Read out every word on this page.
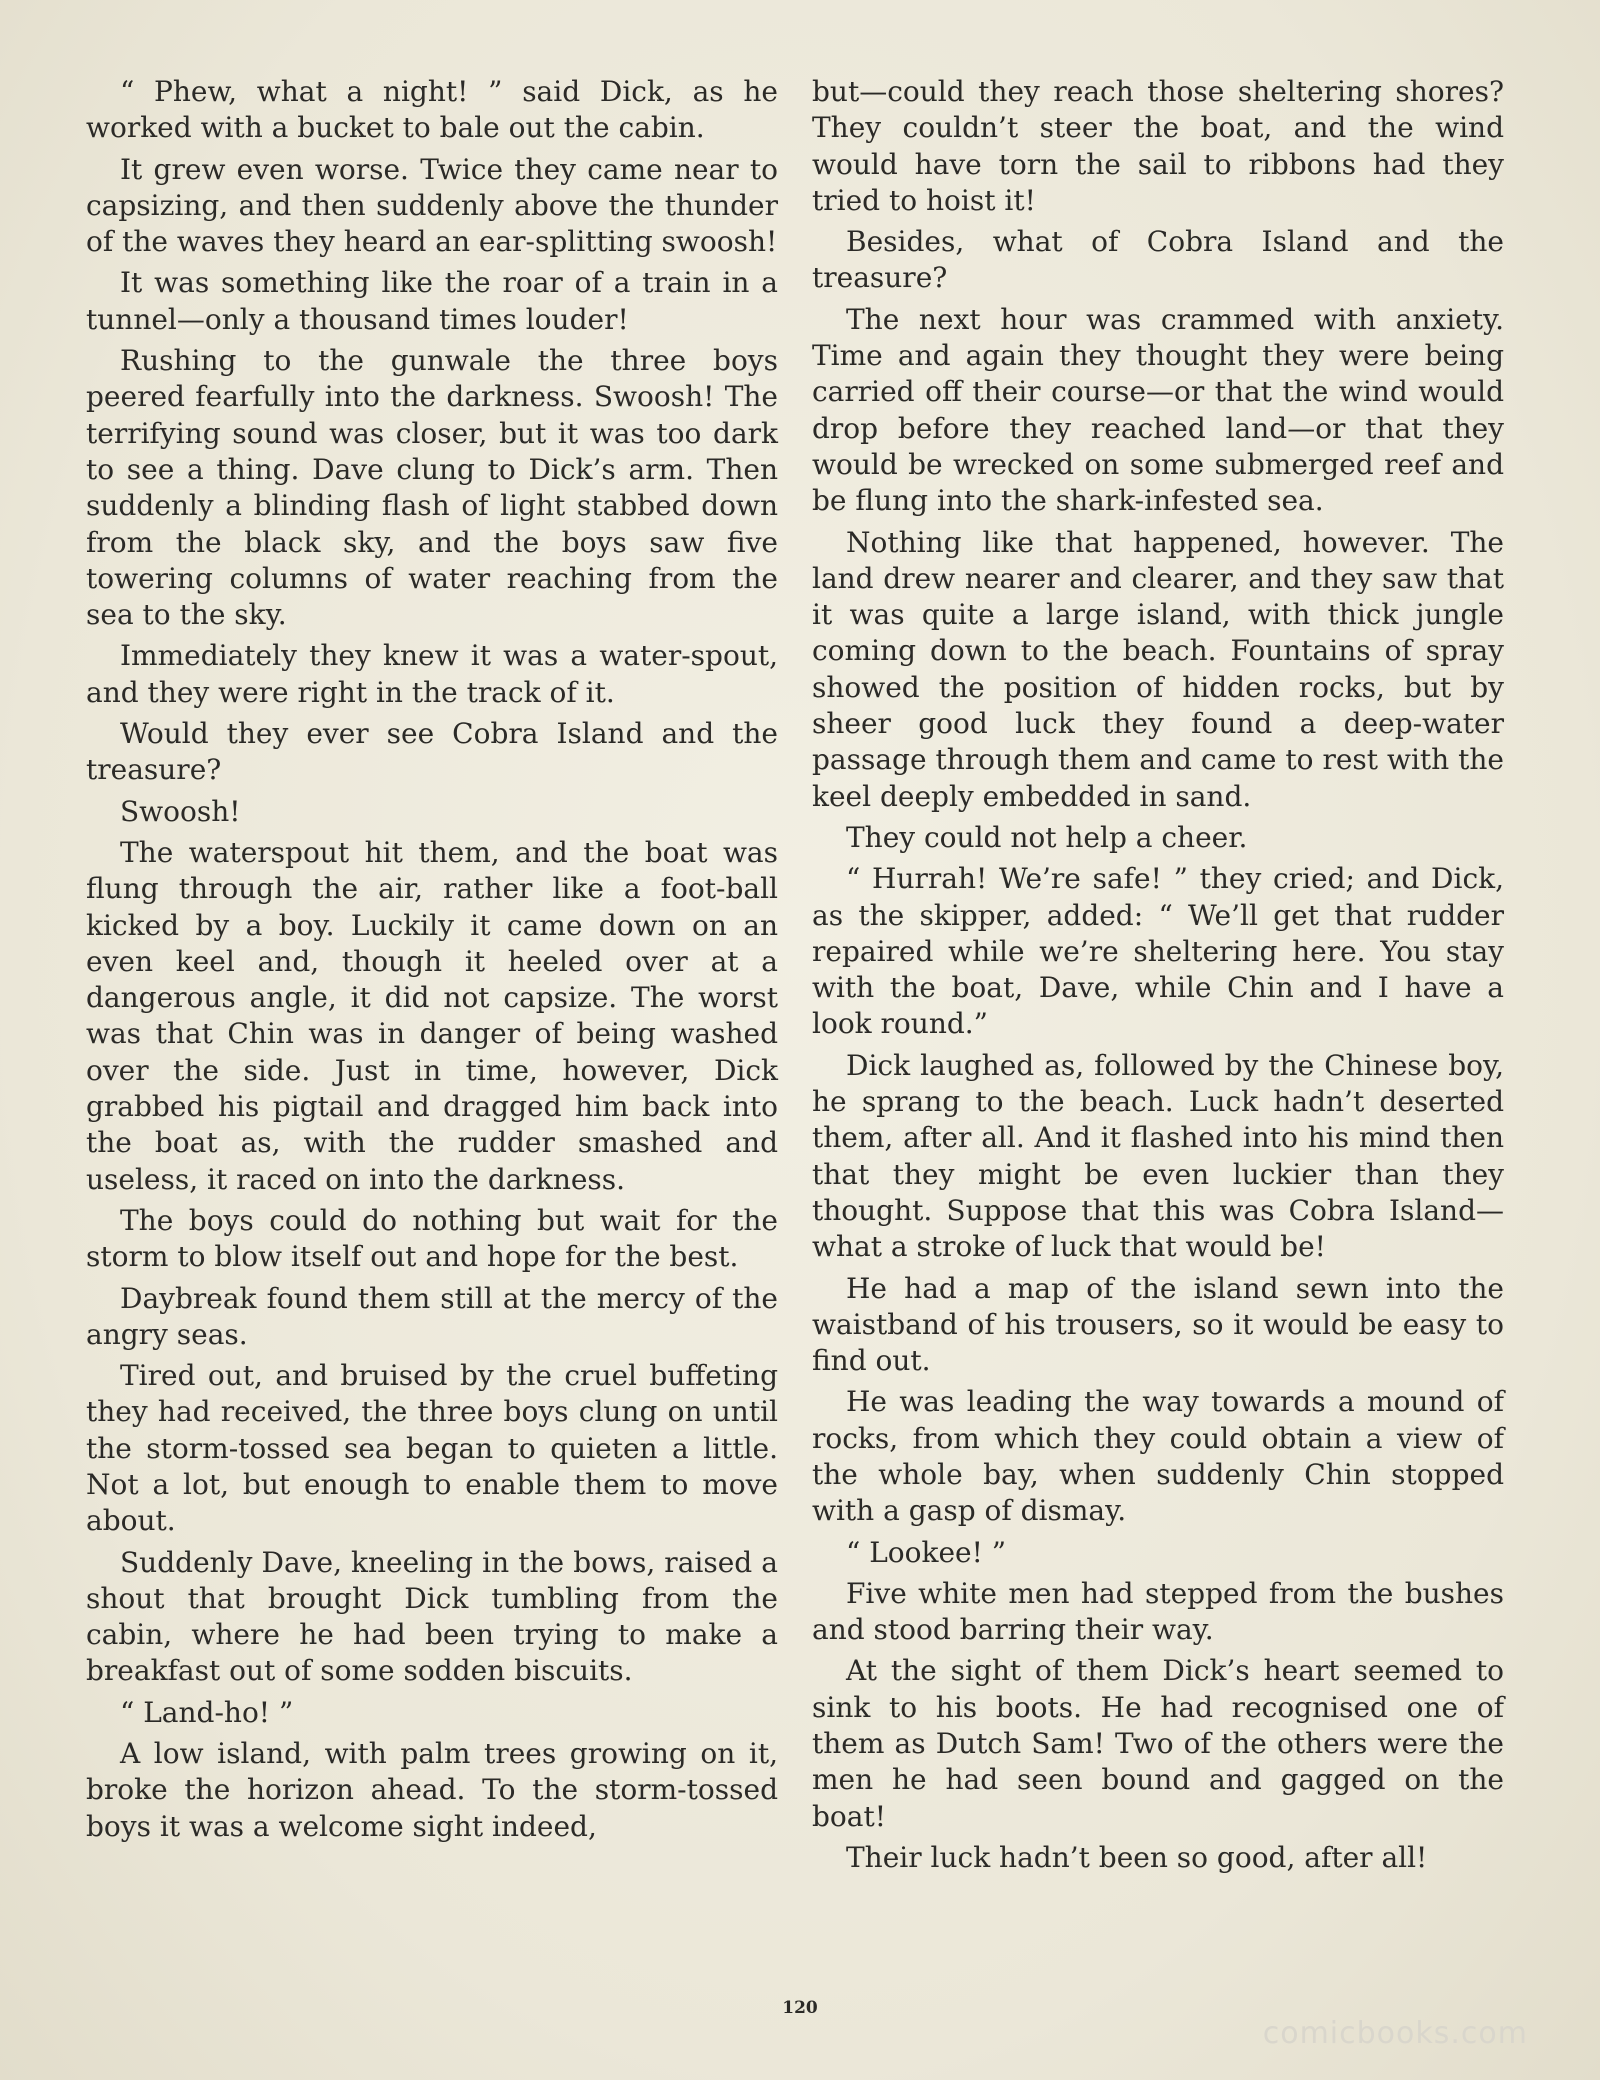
“ Phew, what a night! ” said Dick, as he worked with a bucket to bale out the cabin.

It grew even worse. Twice they came near to capsizing, and then suddenly above the thunder of the waves they heard an ear-splitting swoosh!

It was something like the roar of a train in a tunnel—only a thousand times louder!

Rushing to the gunwale the three boys peered fearfully into the darkness. Swoosh! The terrifying sound was closer, but it was too dark to see a thing. Dave clung to Dick’s arm. Then suddenly a blinding flash of light stabbed down from the black sky, and the boys saw five towering columns of water reaching from the sea to the sky.

Immediately they knew it was a water-spout, and they were right in the track of it.

Would they ever see Cobra Island and the treasure?

Swoosh!

The waterspout hit them, and the boat was flung through the air, rather like a foot-ball kicked by a boy. Luckily it came down on an even keel and, though it heeled over at a dangerous angle, it did not capsize. The worst was that Chin was in danger of being washed over the side. Just in time, however, Dick grabbed his pigtail and dragged him back into the boat as, with the rudder smashed and useless, it raced on into the darkness.

The boys could do nothing but wait for the storm to blow itself out and hope for the best.

Daybreak found them still at the mercy of the angry seas.

Tired out, and bruised by the cruel buffeting they had received, the three boys clung on until the storm-tossed sea began to quieten a little. Not a lot, but enough to enable them to move about.

Suddenly Dave, kneeling in the bows, raised a shout that brought Dick tumbling from the cabin, where he had been trying to make a breakfast out of some sodden biscuits.

“ Land-ho! ”

A low island, with palm trees growing on it, broke the horizon ahead. To the storm-tossed boys it was a welcome sight indeed,

but—could they reach those sheltering shores? They couldn’t steer the boat, and the wind would have torn the sail to ribbons had they tried to hoist it!

Besides, what of Cobra Island and the treasure?

The next hour was crammed with anxiety. Time and again they thought they were being carried off their course—or that the wind would drop before they reached land—or that they would be wrecked on some submerged reef and be flung into the shark-infested sea.

Nothing like that happened, however. The land drew nearer and clearer, and they saw that it was quite a large island, with thick jungle coming down to the beach. Fountains of spray showed the position of hidden rocks, but by sheer good luck they found a deep-water passage through them and came to rest with the keel deeply embedded in sand.

They could not help a cheer.

“ Hurrah! We’re safe! ” they cried; and Dick, as the skipper, added: “ We’ll get that rudder repaired while we’re sheltering here. You stay with the boat, Dave, while Chin and I have a look round.”

Dick laughed as, followed by the Chinese boy, he sprang to the beach. Luck hadn’t deserted them, after all. And it flashed into his mind then that they might be even luckier than they thought. Suppose that this was Cobra Island—what a stroke of luck that would be!

He had a map of the island sewn into the waistband of his trousers, so it would be easy to find out.

He was leading the way towards a mound of rocks, from which they could obtain a view of the whole bay, when suddenly Chin stopped with a gasp of dismay.

“ Lookee! ”

Five white men had stepped from the bushes and stood barring their way.

At the sight of them Dick’s heart seemed to sink to his boots. He had recognised one of them as Dutch Sam! Two of the others were the men he had seen bound and gagged on the boat!

Their luck hadn’t been so good, after all!

120
comicbooks.com
